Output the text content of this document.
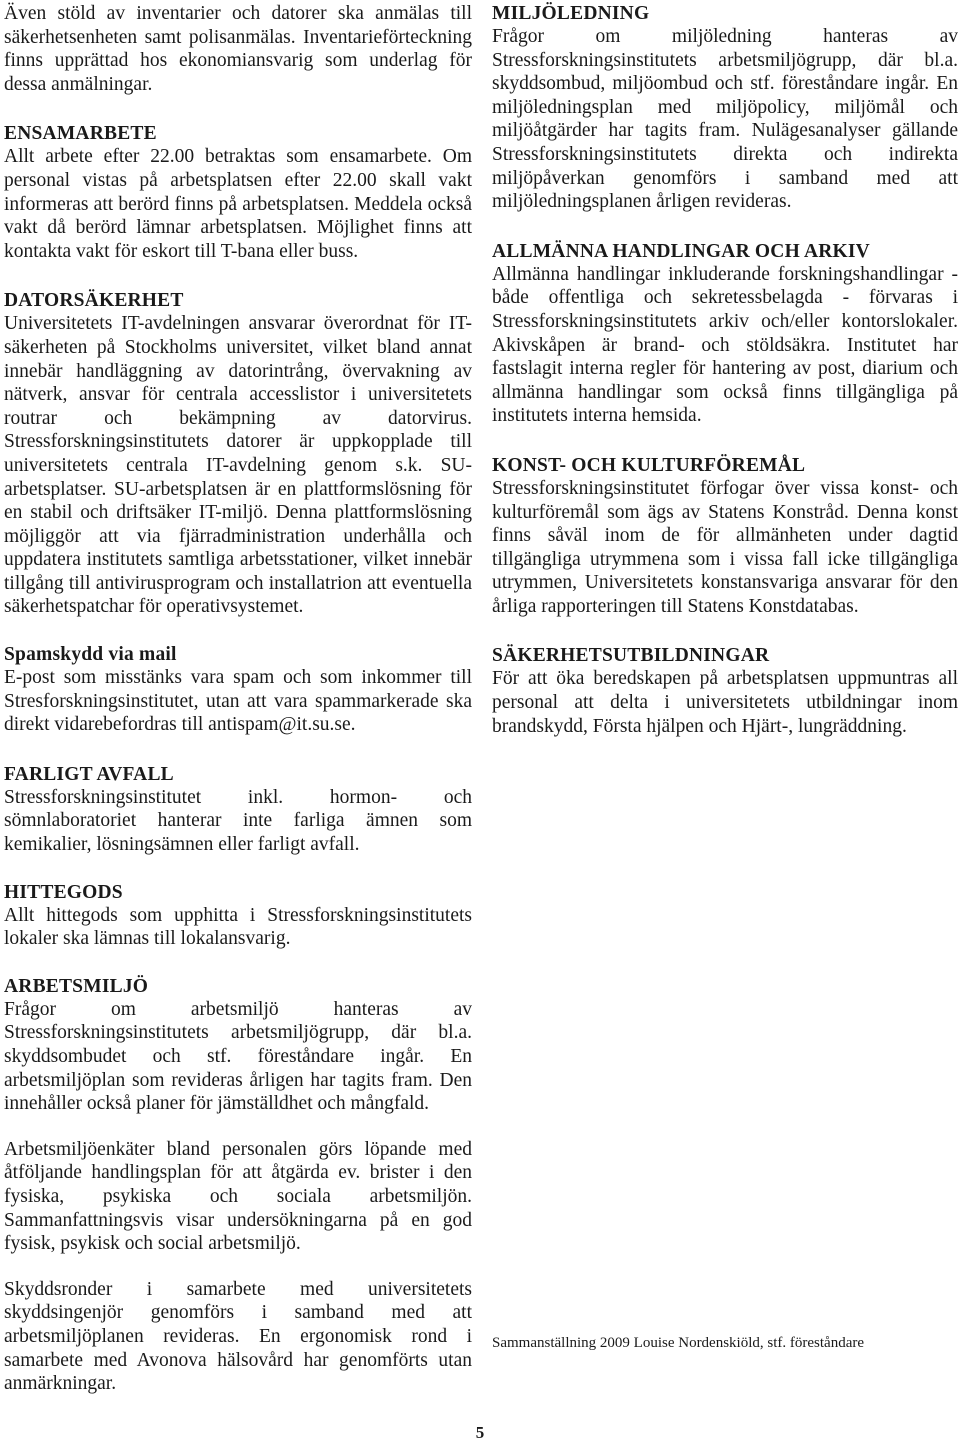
Även stöld av inventarier och datorer ska anmälas till säkerhetsenheten samt polisanmälas. Inventarieförteckning finns upprättad hos ekonomiansvarig som underlag för dessa anmälningar.

ENSAMARBETE

Allt arbete efter 22.00 betraktas som ensamarbete. Om personal vistas på arbetsplatsen efter 22.00 skall vakt informeras att berörd finns på arbetsplatsen. Meddela också vakt då berörd lämnar arbetsplatsen. Möjlighet finns att kontakta vakt för eskort till T-bana eller buss.

DATORSÄKERHET

Universitetets IT-avdelningen ansvarar överordnat för IT-säkerheten på Stockholms universitet, vilket bland annat innebär handläggning av datorintrång, övervakning av nätverk, ansvar för centrala accesslistor i universitetets routrar och bekämpning av datorvirus. Stressforskningsinstitutets datorer är uppkopplade till universitetets centrala IT-avdelning genom s.k. SU-arbetsplatser. SU-arbetsplatsen är en plattformslösning för en stabil och driftsäker IT-miljö. Denna plattformslösning möjliggör att via fjärradministration underhålla och uppdatera institutets samtliga arbetsstationer, vilket innebär tillgång till antivirusprogram och installatrion att eventuella säkerhetspatchar för operativsystemet.

Spamskydd via mail

E-post som misstänks vara spam och som inkommer till Stresforskningsinstitutet, utan att vara spammarkerade ska direkt vidarebefordras till antispam@it.su.se.

FARLIGT AVFALL

Stressforskningsinstitutet inkl. hormon- och sömnlaboratoriet hanterar inte farliga ämnen som kemikalier, lösningsämnen eller farligt avfall.

HITTEGODS

Allt hittegods som upphitta i Stressforskningsinstitutets lokaler ska lämnas till lokalansvarig.

ARBETSMILJÖ

Frågor om arbetsmiljö hanteras av Stressforskningsinstitutets arbetsmiljögrupp, där bl.a. skyddsombudet och stf. föreståndare ingår. En arbetsmiljöplan som revideras årligen har tagits fram. Den innehåller också planer för jämställdhet och mångfald.

Arbetsmiljöenkäter bland personalen görs löpande med åtföljande handlingsplan för att åtgärda ev. brister i den fysiska, psykiska och sociala arbetsmiljön. Sammanfattningsvis visar undersökningarna på en god fysisk, psykisk och social arbetsmiljö.

Skyddsronder i samarbete med universitetets skyddsingenjör genomförs i samband med att arbetsmiljöplanen revideras. En ergonomisk rond i samarbete med Avonova hälsovård har genomförts utan anmärkningar.

MILJÖLEDNING

Frågor om miljöledning hanteras av Stressforskningsinstitutets arbetsmiljögrupp, där bl.a. skyddsombud, miljöombud och stf. föreståndare ingår. En miljöledningsplan med miljöpolicy, miljömål och miljöåtgärder har tagits fram. Nulägesanalyser gällande Stressforskningsinstitutets direkta och indirekta miljöpåverkan genomförs i samband med att miljöledningsplanen årligen revideras.

ALLMÄNNA HANDLINGAR OCH ARKIV

Allmänna handlingar inkluderande forskningshandlingar - både offentliga och sekretessbelagda - förvaras i Stressforskningsinstitutets arkiv och/eller kontorslokaler. Akivskåpen är brand- och stöldsäkra. Institutet har fastslagit interna regler för hantering av post, diarium och allmänna handlingar som också finns tillgängliga på institutets interna hemsida.

KONST- OCH KULTURFÖREMÅL

Stressforskningsinstitutet förfogar över vissa konst- och kulturföremål som ägs av Statens Konstråd. Denna konst finns såväl inom de för allmänheten under dagtid tillgängliga utrymmena som i vissa fall icke tillgängliga utrymmen, Universitetets konstansvariga ansvarar för den årliga rapporteringen till Statens Konstdatabas.

SÄKERHETSUTBILDNINGAR

För att öka beredskapen på arbetsplatsen uppmuntras all personal att delta i universitetets utbildningar inom brandskydd, Första hjälpen och Hjärt-, lungräddning.

Sammanställning 2009 Louise Nordenskiöld, stf. föreståndare
5
